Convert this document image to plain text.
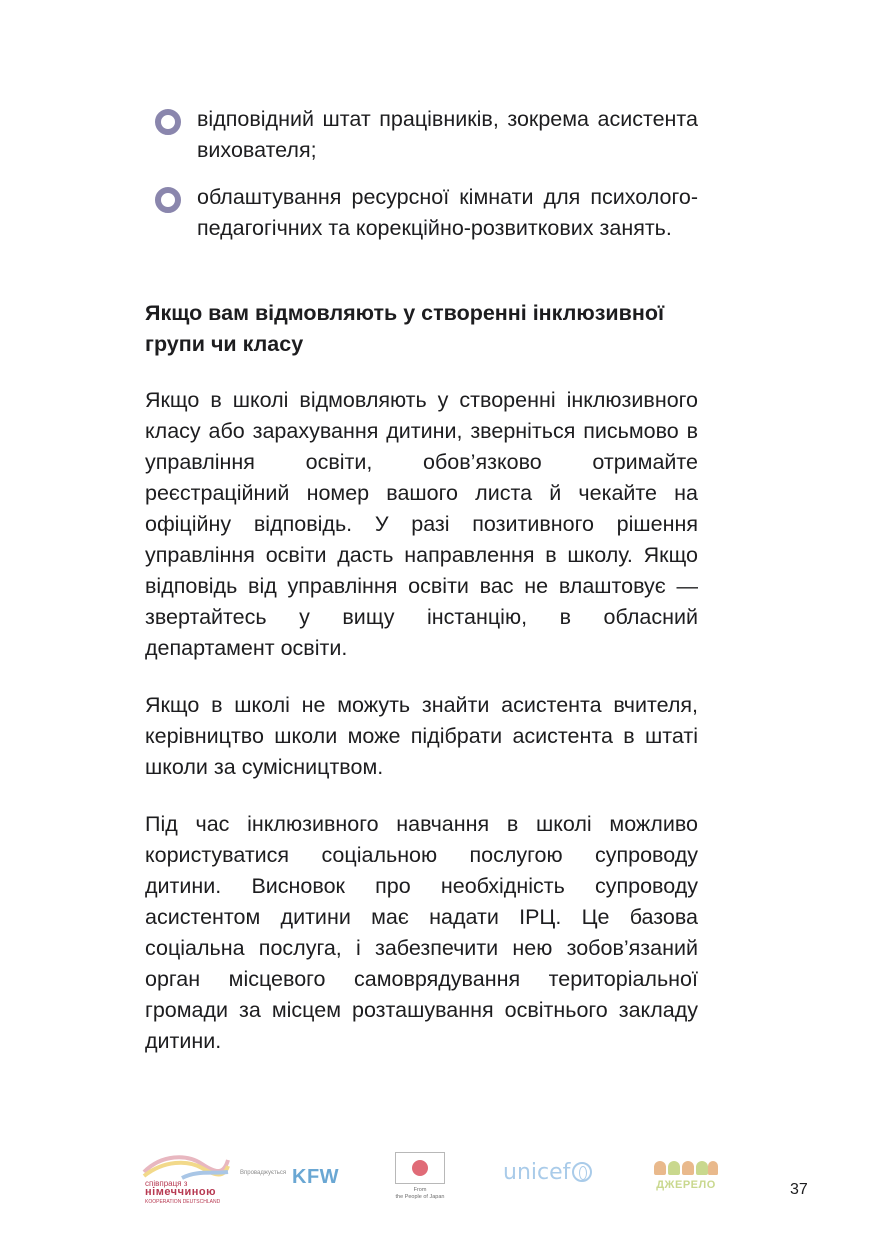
відповідний штат працівників, зокрема асистента вихователя;
облаштування ресурсної кімнати для психолого-педагогічних та корекційно-розвиткових занять.
Якщо вам відмовляють у створенні інклюзивної групи чи класу

Якщо в школі відмовляють у створенні інклюзивного класу або зарахування дитини, зверніться письмово в управління освіти, обов’язково отримайте реєстраційний номер вашого листа й чекайте на офіційну відповідь. У разі позитивного рішення управління освіти дасть направлення в школу. Якщо відповідь від управління освіти вас не влаштовує — звертайтесь у вищу інстанцію, в обласний департамент освіти.

Якщо в школі не можуть знайти асистента вчителя, керівництво школи може підібрати асистента в штаті школи за сумісництвом.

Під час інклюзивного навчання в школі можливо користуватися соціальною послугою супроводу дитини. Висновок про необхідність супроводу асистентом дитини має надати ІРЦ. Це базова соціальна послуга, і забезпечити нею зобов’язаний орган місцевого самоврядування територіальної громади за місцем розташування освітнього закладу дитини.

співпраця з
німеччиною
KOOPERATION DEUTSCHLAND
Впроваджується KFW
From
the People of Japan
unicef	ДЖЕРЕЛО	37
